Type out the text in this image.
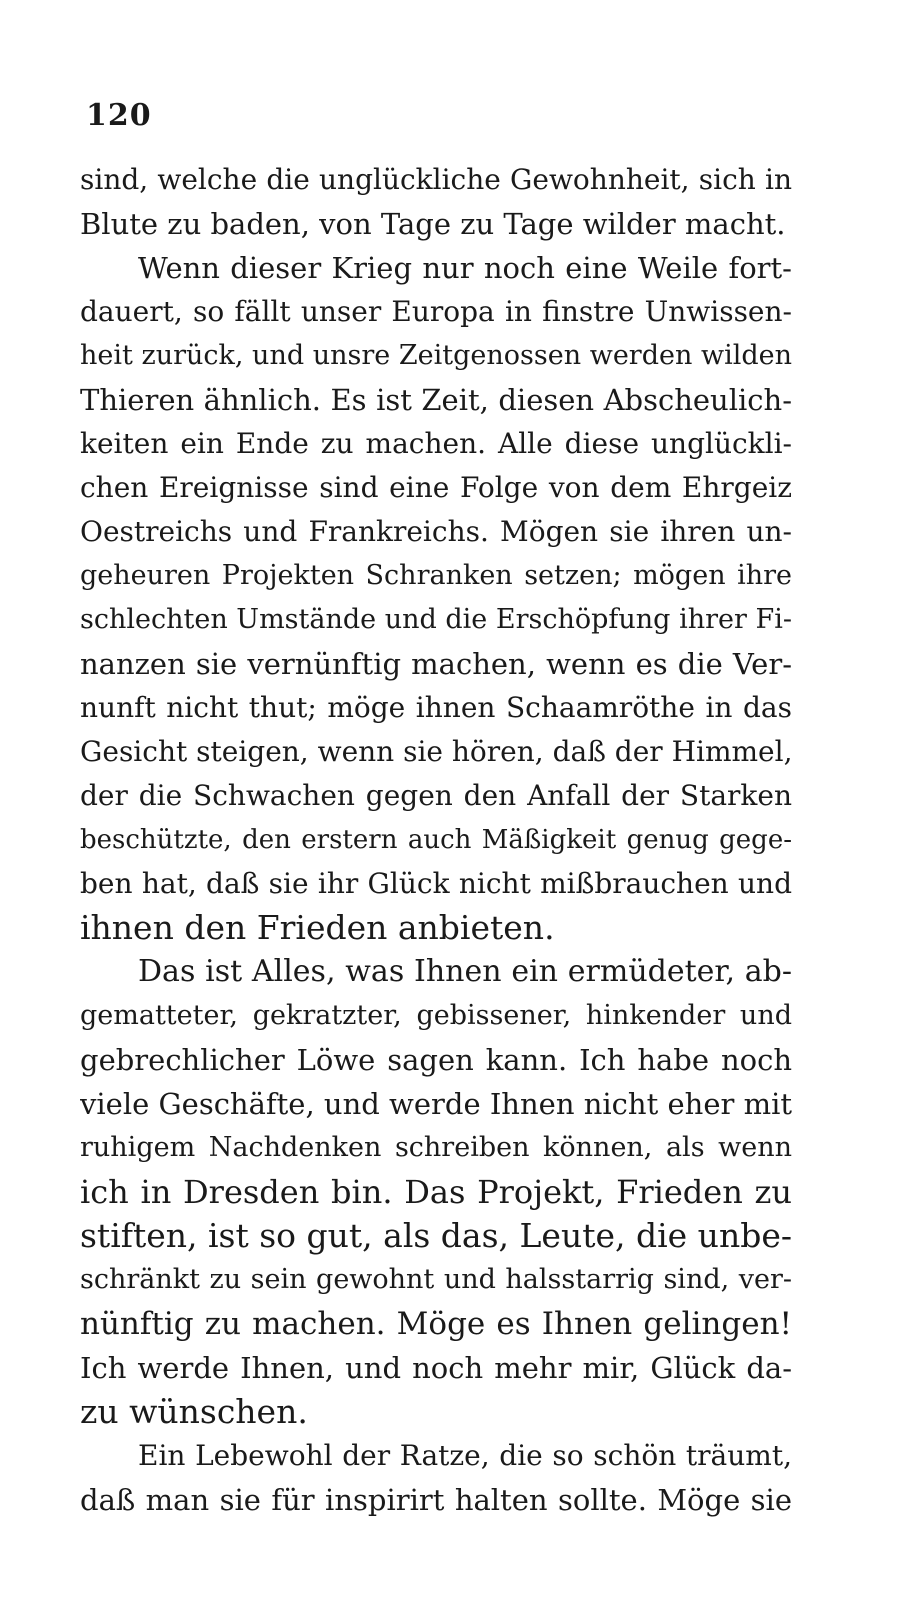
120
sind, welche die unglückliche Gewohnheit, sich in
Blute zu baden, von Tage zu Tage wilder macht.
Wenn dieser Krieg nur noch eine Weile fort-
dauert, so fällt unser Europa in finstre Unwissen-
heit zurück, und unsre Zeitgenossen werden wilden
Thieren ähnlich. Es ist Zeit, diesen Abscheulich-
keiten ein Ende zu machen. Alle diese unglückli-
chen Ereignisse sind eine Folge von dem Ehrgeiz
Oestreichs und Frankreichs. Mögen sie ihren un-
geheuren Projekten Schranken setzen; mögen ihre
schlechten Umstände und die Erschöpfung ihrer Fi-
nanzen sie vernünftig machen, wenn es die Ver-
nunft nicht thut; möge ihnen Schaamröthe in das
Gesicht steigen, wenn sie hören, daß der Himmel,
der die Schwachen gegen den Anfall der Starken
beschützte, den erstern auch Mäßigkeit genug gege-
ben hat, daß sie ihr Glück nicht mißbrauchen und
ihnen den Frieden anbieten.
Das ist Alles, was Ihnen ein ermüdeter, ab-
gematteter, gekratzter, gebissener, hinkender und
gebrechlicher Löwe sagen kann. Ich habe noch
viele Geschäfte, und werde Ihnen nicht eher mit
ruhigem Nachdenken schreiben können, als wenn
ich in Dresden bin. Das Projekt, Frieden zu
stiften, ist so gut, als das, Leute, die unbe-
schränkt zu sein gewohnt und halsstarrig sind, ver-
nünftig zu machen. Möge es Ihnen gelingen!
Ich werde Ihnen, und noch mehr mir, Glück da-
zu wünschen.
Ein Lebewohl der Ratze, die so schön träumt,
daß man sie für inspirirt halten sollte. Möge sie
